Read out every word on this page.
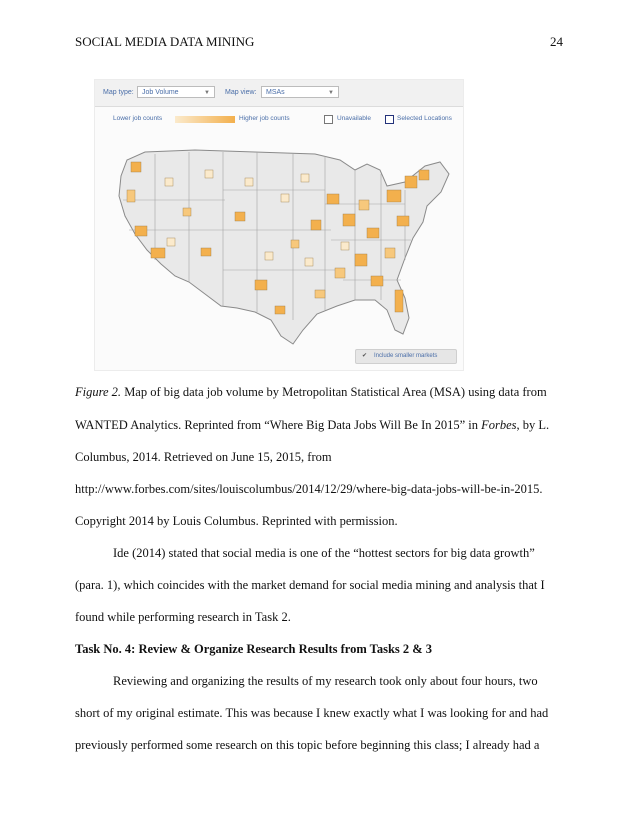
SOCIAL MEDIA DATA MINING	24
Map type:	Job Volume	▼ Map view:	MSAs	▼
Lower job counts	Higher job counts	Unavailable	Selected Locations
✔ Include smaller markets
Figure 2. Map of big data job volume by Metropolitan Statistical Area (MSA) using data from
WANTED Analytics. Reprinted from “Where Big Data Jobs Will Be In 2015” in Forbes, by L.
Columbus, 2014. Retrieved on June 15, 2015, from
http://www.forbes.com/sites/louiscolumbus/2014/12/29/where-big-data-jobs-will-be-in-2015.
Copyright 2014 by Louis Columbus. Reprinted with permission.
Ide (2014) stated that social media is one of the “hottest sectors for big data growth”
(para. 1), which coincides with the market demand for social media mining and analysis that I
found while performing research in Task 2.
Task No. 4: Review & Organize Research Results from Tasks 2 & 3
Reviewing and organizing the results of my research took only about four hours, two
short of my original estimate. This was because I knew exactly what I was looking for and had
previously performed some research on this topic before beginning this class; I already had a
